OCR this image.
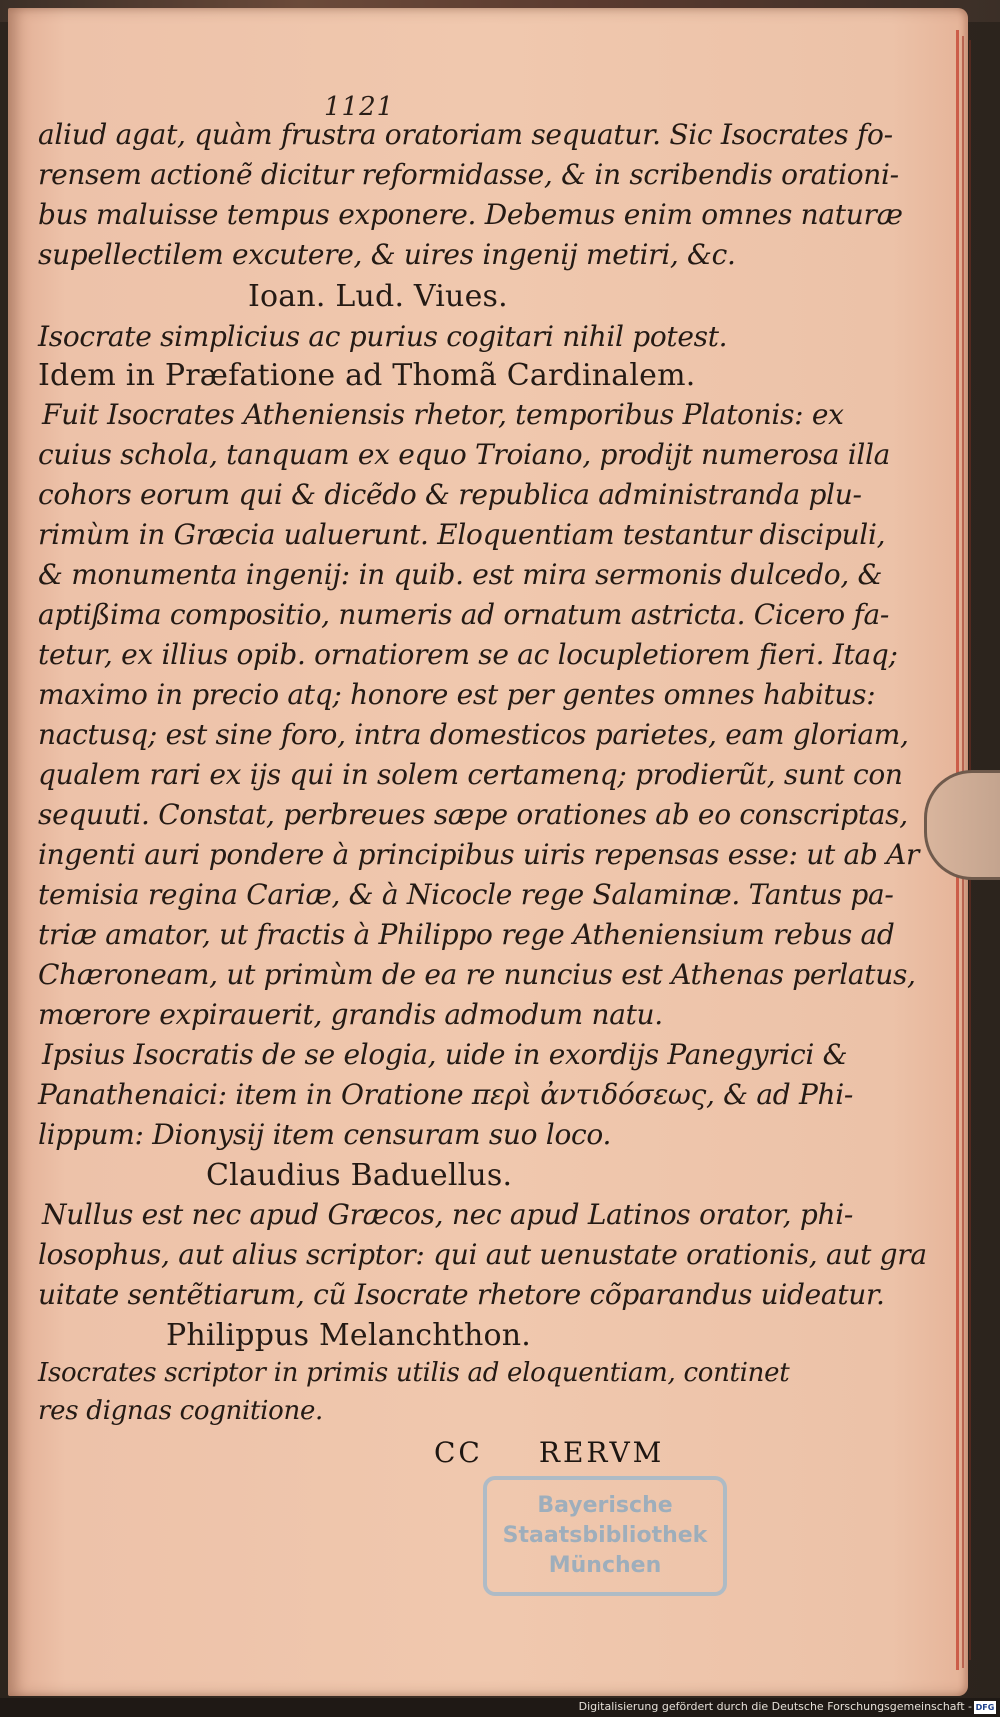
1121
aliud agat, quàm frustra oratoriam sequatur. Sic Isocrates fo-
rensem actionẽ dicitur reformidasse, & in scribendis orationi-
bus maluisse tempus exponere. Debemus enim omnes naturæ
supellectilem excutere, & uires ingenij metiri, &c.
Ioan. Lud. Viues.
Isocrate simplicius ac purius cogitari nihil potest.
Idem in Præfatione ad Thomã Cardinalem.
Fuit Isocrates Atheniensis rhetor, temporibus Platonis: ex
cuius schola, tanquam ex equo Troiano, prodijt numerosa illa
cohors eorum qui & dicẽdo & republica administranda plu-
rimùm in Græcia ualuerunt. Eloquentiam testantur discipuli,
& monumenta ingenij: in quib. est mira sermonis dulcedo, &
aptißima compositio, numeris ad ornatum astricta. Cicero fa-
tetur, ex illius opib. ornatiorem se ac locupletiorem fieri. Itaq;
maximo in precio atq; honore est per gentes omnes habitus:
nactusq; est sine foro, intra domesticos parietes, eam gloriam,
qualem rari ex ijs qui in solem certamenq; prodierũt, sunt con
sequuti. Constat, perbreues sæpe orationes ab eo conscriptas,
ingenti auri pondere à principibus uiris repensas esse: ut ab Ar
temisia regina Cariæ, & à Nicocle rege Salaminæ. Tantus pa-
triæ amator, ut fractis à Philippo rege Atheniensium rebus ad
Chæroneam, ut primùm de ea re nuncius est Athenas perlatus,
mœrore expirauerit, grandis admodum natu.
Ipsius Isocratis de se elogia, uide in exordijs Panegyrici &
Panathenaici: item in Oratione περὶ ἀντιδόσεως, & ad Phi-
lippum: Dionysij item censuram suo loco.
Claudius Baduellus.
Nullus est nec apud Græcos, nec apud Latinos orator, phi-
losophus, aut alius scriptor: qui aut uenustate orationis, aut gra
uitate sentẽtiarum, cũ Isocrate rhetore cõparandus uideatur.
Philippus Melanchthon.
Isocrates scriptor in primis utilis ad eloquentiam, continet
res dignas cognitione.
CC RERVM
Bayerische
Staatsbibliothek
München
Digitalisierung gefördert durch die Deutsche Forschungsgemeinschaft - DFG
